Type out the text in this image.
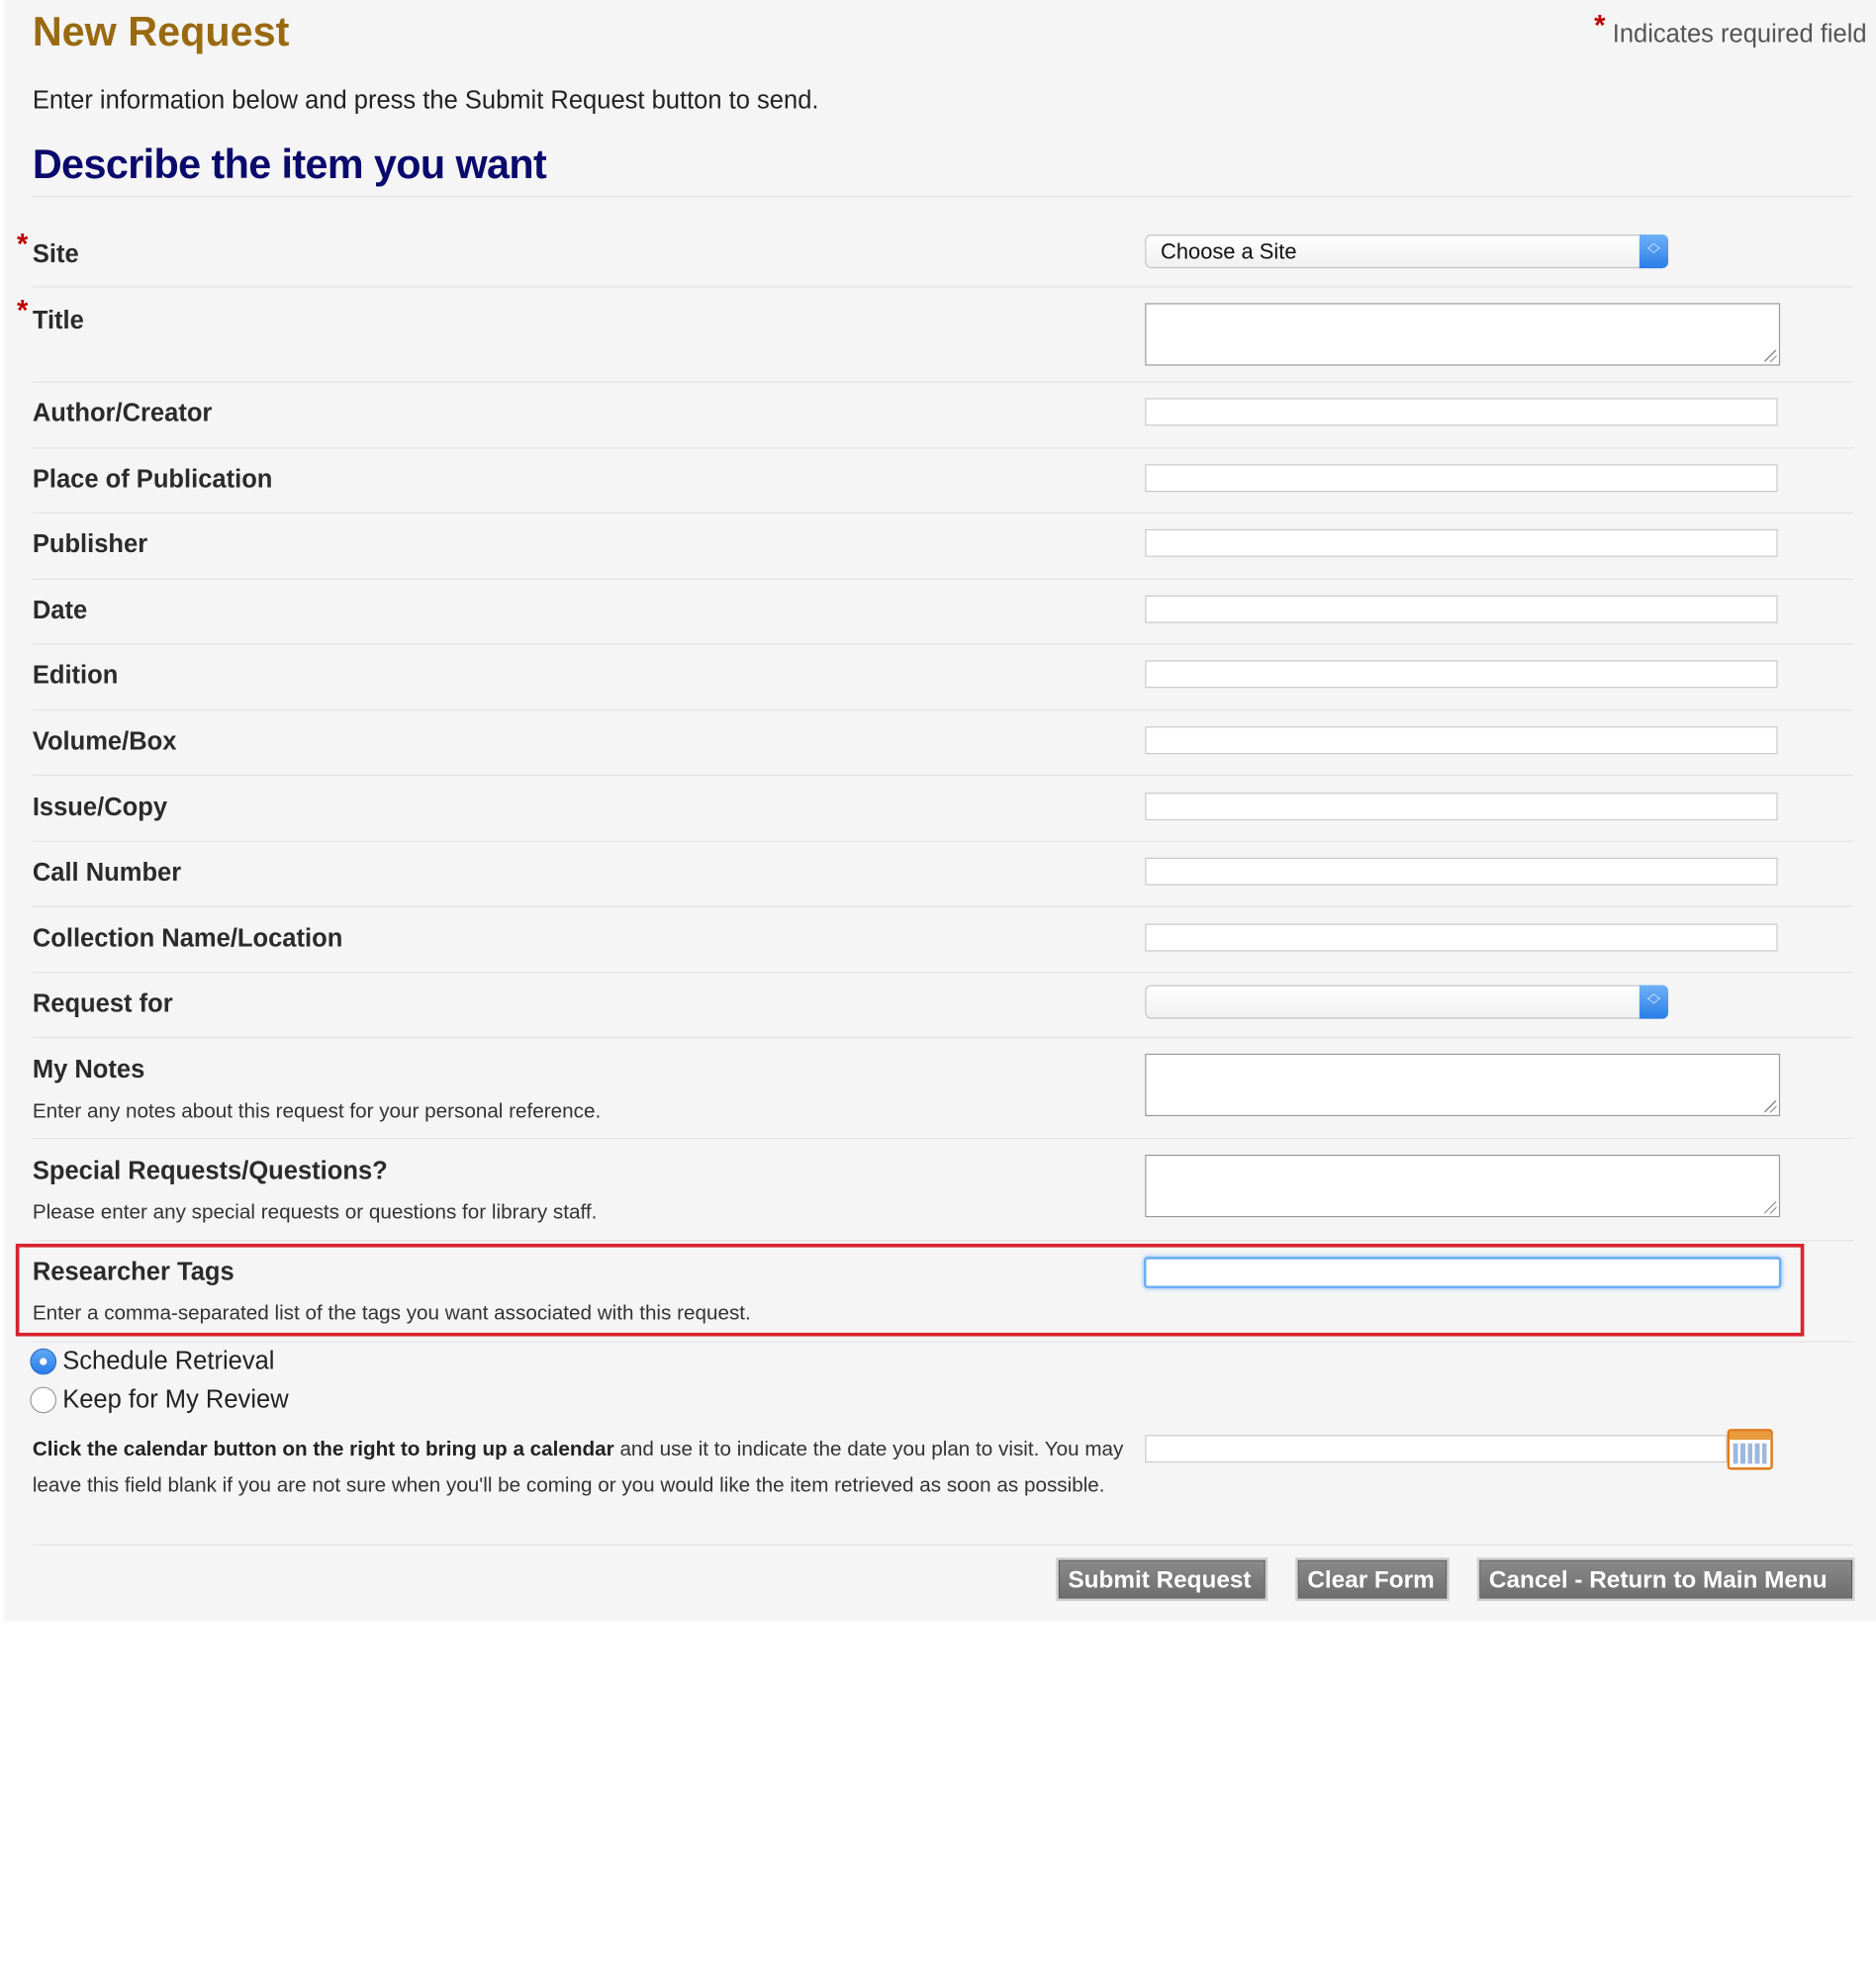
New Request	* Indicates required field
Enter information below and press the Submit Request button to send.
Describe the item you want
* Site	Choose a Site	︿
﹀
* Title
Author/Creator
Place of Publication
Publisher
Date
Edition
Volume/Box
Issue/Copy
Call Number
Collection Name/Location
Request for	︿
﹀
My Notes
Enter any notes about this request for your personal reference.
Special Requests/Questions?
Please enter any special requests or questions for library staff.
Researcher Tags
Enter a comma-separated list of the tags you want associated with this request.
Schedule Retrieval
Keep for My Review
Click the calendar button on the right to bring up a calendar and use it to indicate the date you plan to visit. You may leave this field blank if you are not sure when you'll be coming or you would like the item retrieved as soon as possible.
Submit Request	Clear Form	Cancel - Return to Main Menu
